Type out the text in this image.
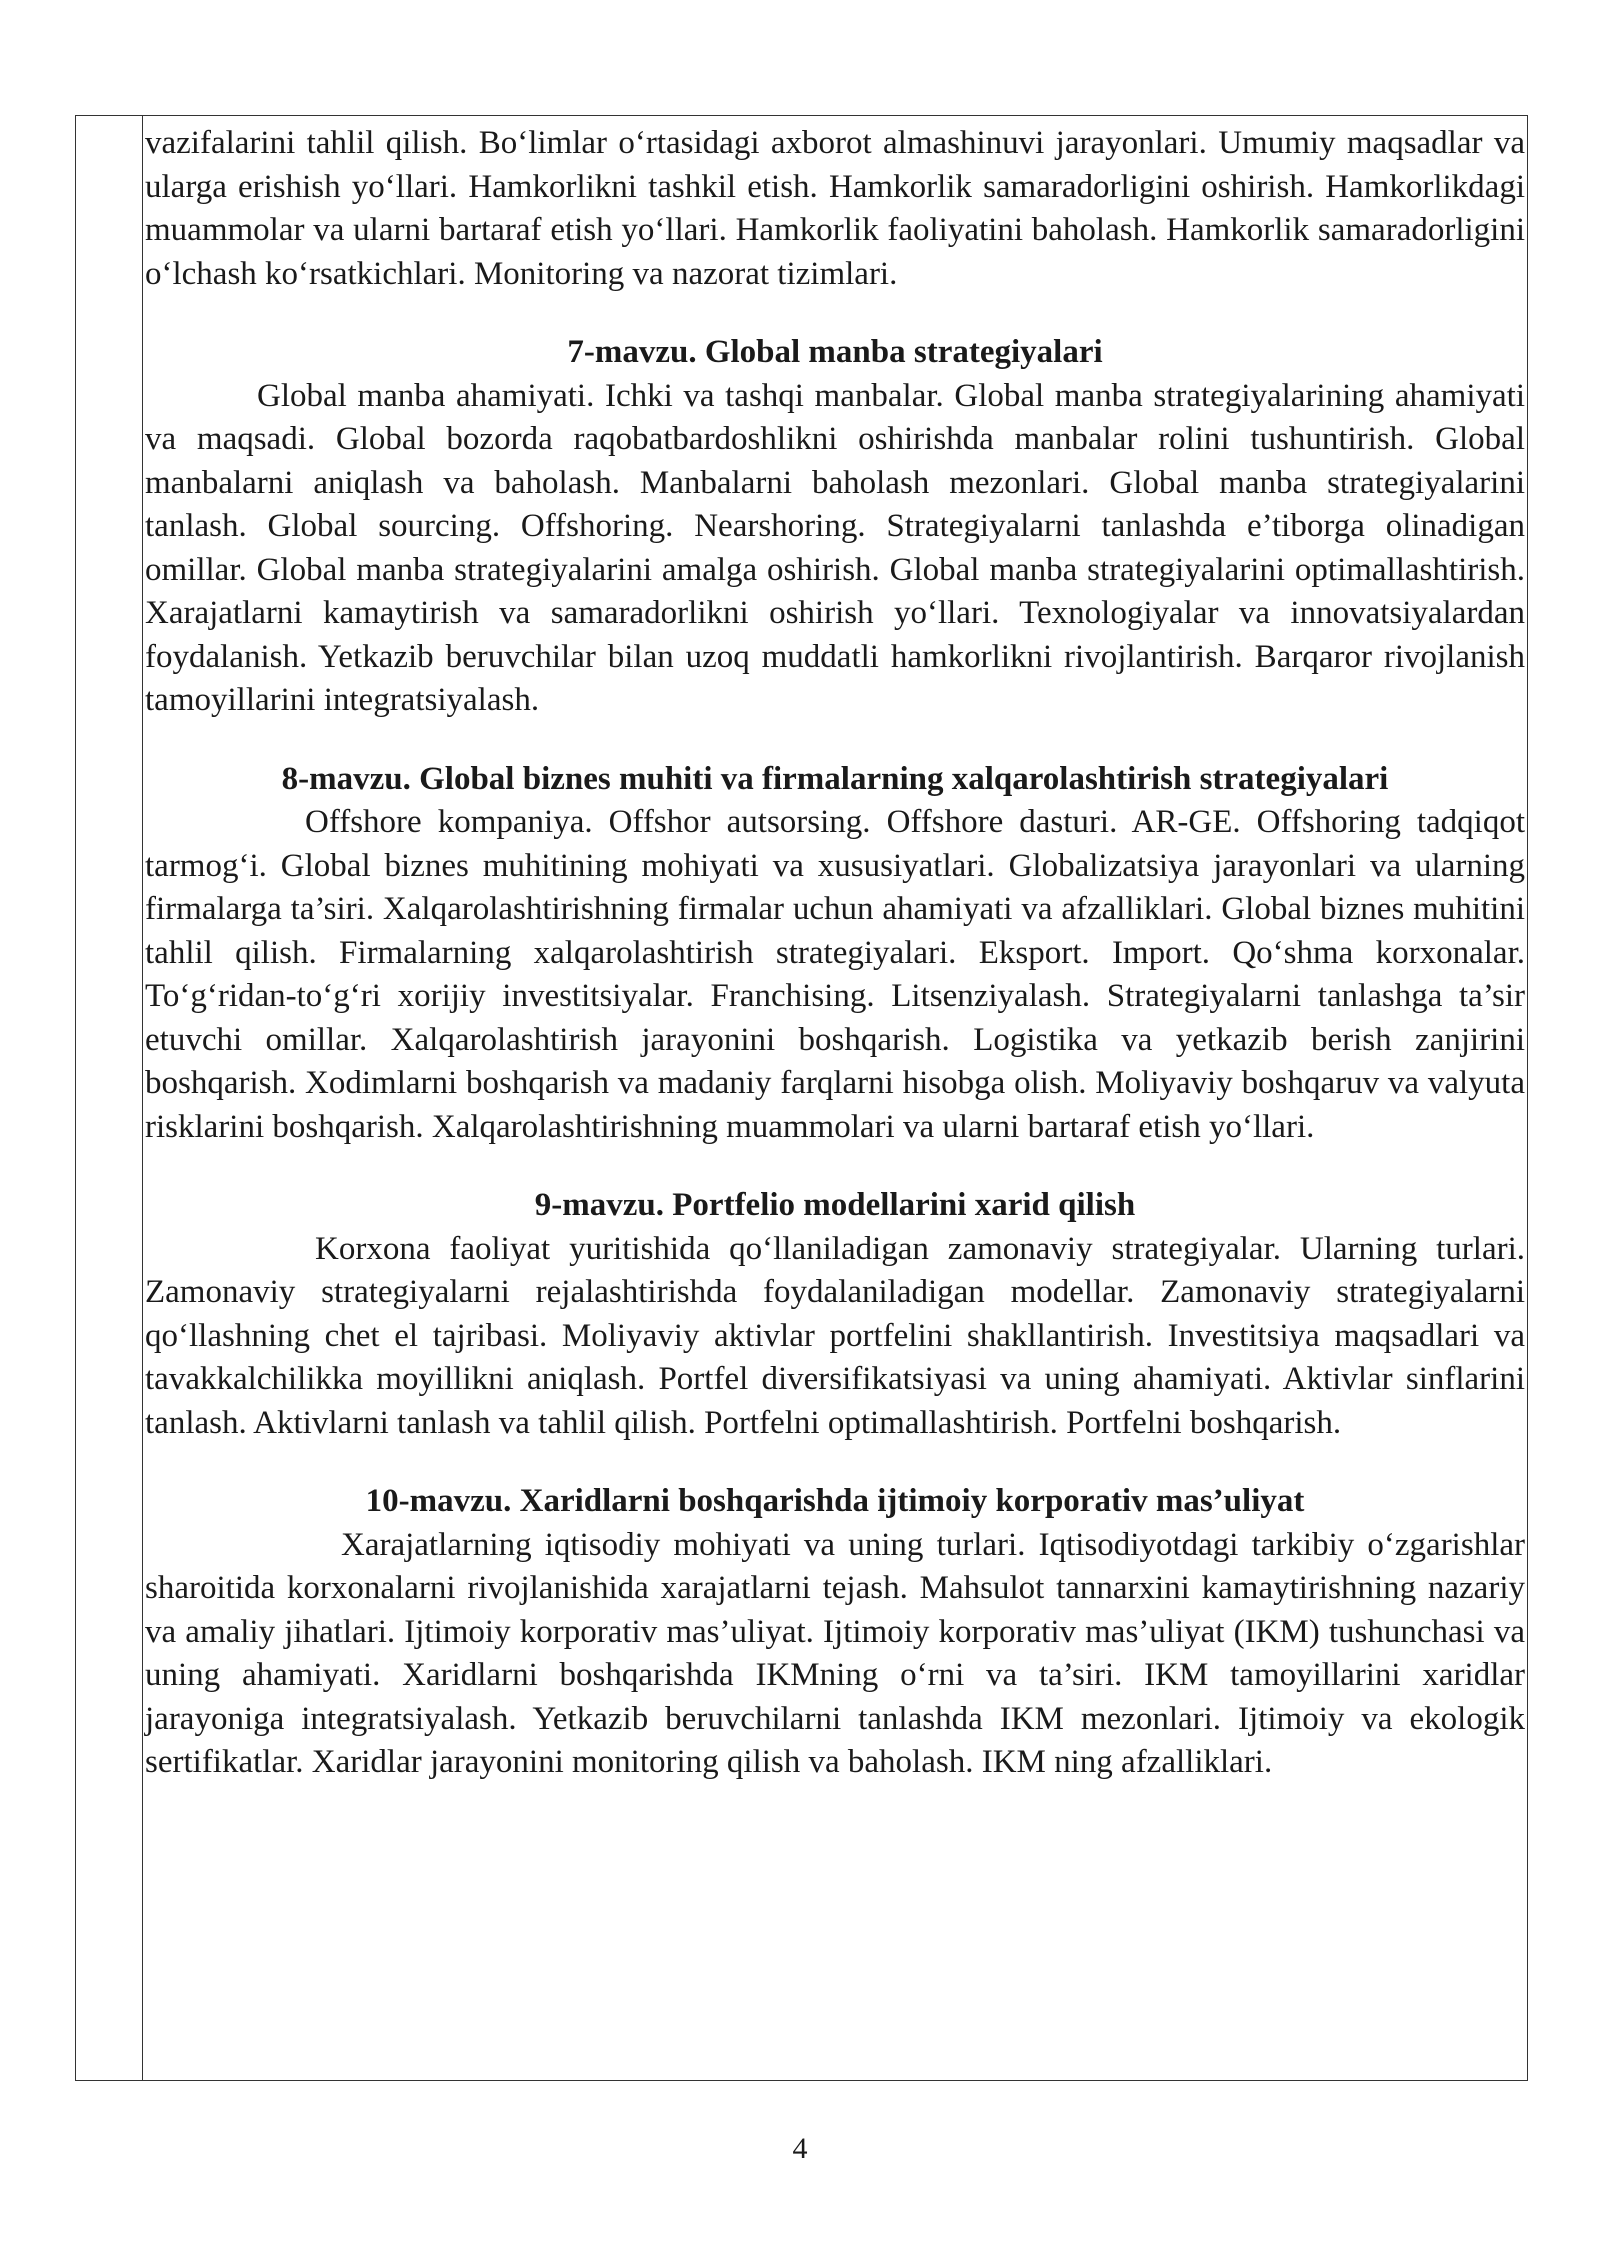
vazifalarini tahlil qilish. Bo‘limlar o‘rtasidagi axborot almashinuvi jarayonlari. Umumiy maqsadlar va ularga erishish yo‘llari. Hamkorlikni tashkil etish. Hamkorlik samaradorligini oshirish. Hamkorlikdagi muammolar va ularni bartaraf etish yo‘llari. Hamkorlik faoliyatini baholash. Hamkorlik samaradorligini o‘lchash ko‘rsatkichlari. Monitoring va nazorat tizimlari.

7-mavzu. Global manba strategiyalari

Global manba ahamiyati. Ichki va tashqi manbalar. Global manba strategiyalarining ahamiyati va maqsadi. Global bozorda raqobatbardoshlikni oshirishda manbalar rolini tushuntirish. Global manbalarni aniqlash va baholash. Manbalarni baholash mezonlari. Global manba strategiyalarini tanlash. Global sourcing. Offshoring. Nearshoring. Strategiyalarni tanlashda e’tiborga olinadigan omillar. Global manba strategiyalarini amalga oshirish. Global manba strategiyalarini optimallashtirish. Xarajatlarni kamaytirish va samaradorlikni oshirish yo‘llari. Texnologiyalar va innovatsiyalardan foydalanish. Yetkazib beruvchilar bilan uzoq muddatli hamkorlikni rivojlantirish. Barqaror rivojlanish tamoyillarini integratsiyalash.

8-mavzu. Global biznes muhiti va firmalarning xalqarolashtirish strategiyalari

Offshore kompaniya. Offshor autsorsing. Offshore dasturi. AR-GE. Offshoring tadqiqot tarmog‘i. Global biznes muhitining mohiyati va xususiyatlari. Globalizatsiya jarayonlari va ularning firmalarga ta’siri. Xalqarolashtirishning firmalar uchun ahamiyati va afzalliklari. Global biznes muhitini tahlil qilish. Firmalarning xalqarolashtirish strategiyalari. Eksport. Import. Qo‘shma korxonalar. To‘g‘ridan-to‘g‘ri xorijiy investitsiyalar. Franchising. Litsenziyalash. Strategiyalarni tanlashga ta’sir etuvchi omillar. Xalqarolashtirish jarayonini boshqarish. Logistika va yetkazib berish zanjirini boshqarish. Xodimlarni boshqarish va madaniy farqlarni hisobga olish. Moliyaviy boshqaruv va valyuta risklarini boshqarish. Xalqarolashtirishning muammolari va ularni bartaraf etish yo‘llari.

9-mavzu. Portfelio modellarini xarid qilish

Korxona faoliyat yuritishida qo‘llaniladigan zamonaviy strategiyalar. Ularning turlari. Zamonaviy strategiyalarni rejalashtirishda foydalaniladigan modellar. Zamonaviy strategiyalarni qo‘llashning chet el tajribasi. Moliyaviy aktivlar portfelini shakllantirish. Investitsiya maqsadlari va tavakkalchilikka moyillikni aniqlash. Portfel diversifikatsiyasi va uning ahamiyati. Aktivlar sinflarini tanlash. Aktivlarni tanlash va tahlil qilish. Portfelni optimallashtirish. Portfelni boshqarish.

10-mavzu. Xaridlarni boshqarishda ijtimoiy korporativ mas’uliyat

Xarajatlarning iqtisodiy mohiyati va uning turlari. Iqtisodiyotdagi tarkibiy o‘zgarishlar sharoitida korxonalarni rivojlanishida xarajatlarni tejash. Mahsulot tannarxini kamaytirishning nazariy va amaliy jihatlari. Ijtimoiy korporativ mas’uliyat. Ijtimoiy korporativ mas’uliyat (IKM) tushunchasi va uning ahamiyati. Xaridlarni boshqarishda IKMning o‘rni va ta’siri. IKM tamoyillarini xaridlar jarayoniga integratsiyalash. Yetkazib beruvchilarni tanlashda IKM mezonlari. Ijtimoiy va ekologik sertifikatlar. Xaridlar jarayonini monitoring qilish va baholash. IKM ning afzalliklari.

4
